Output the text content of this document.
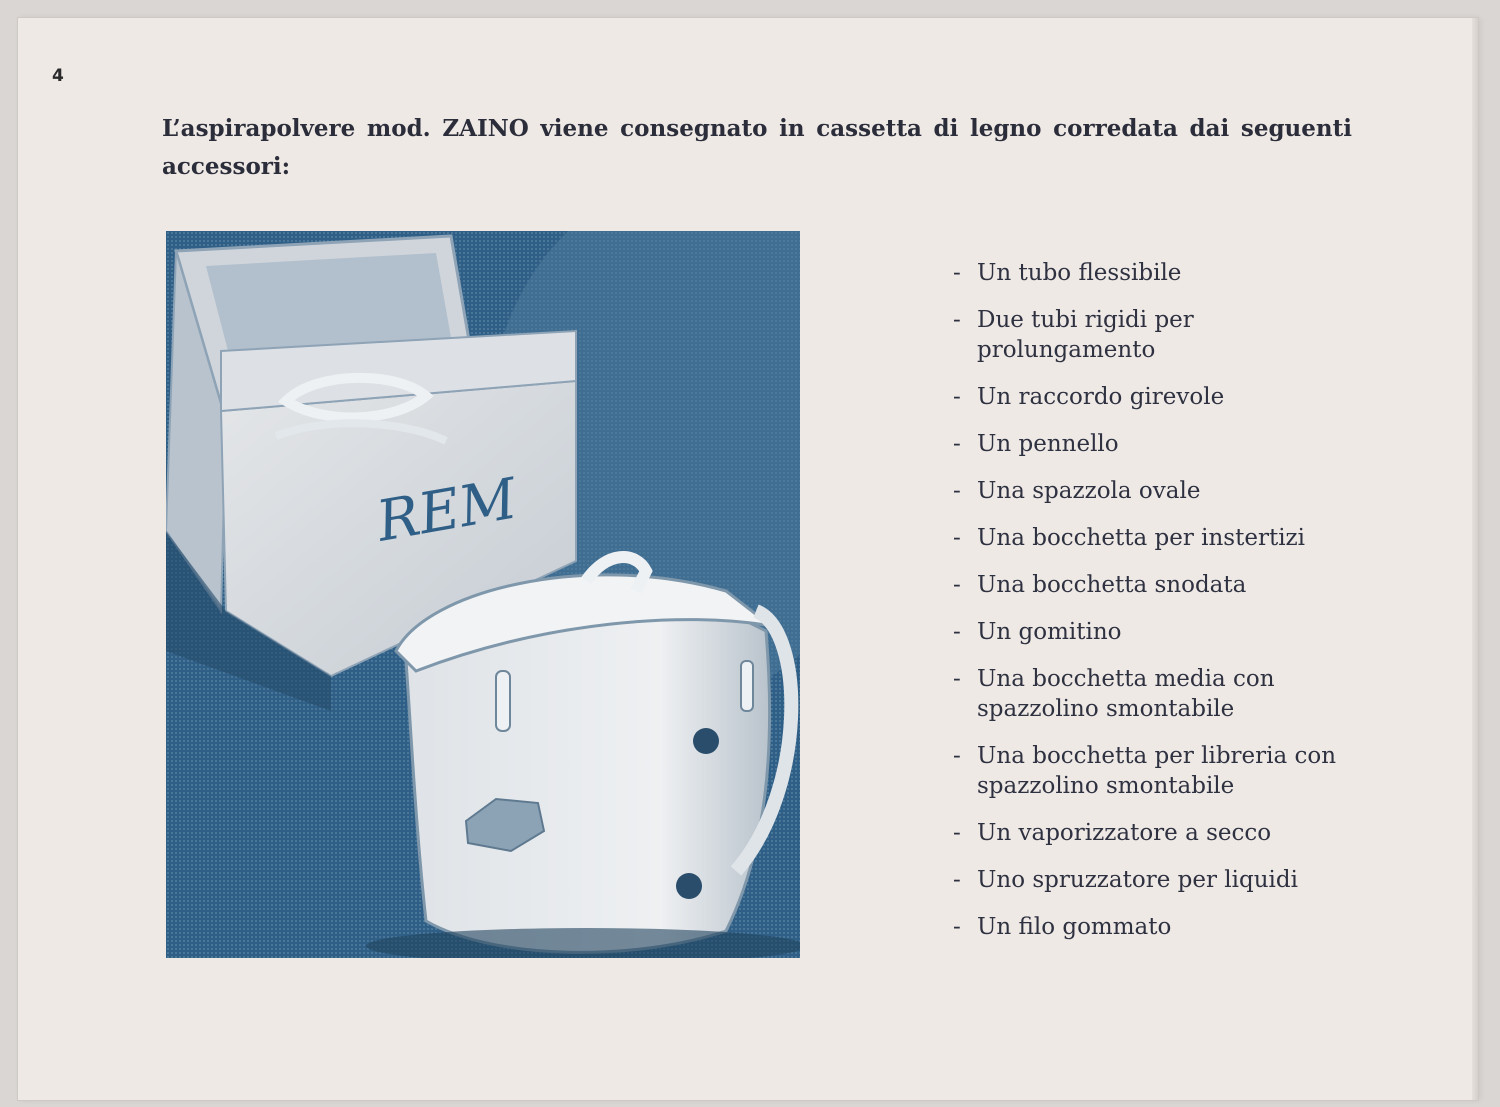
4

L’aspirapolvere mod. ZAINO viene consegnato in cassetta di legno corredata dai seguenti accessori:

REM
- Un tubo flessibile
- Due tubi rigidi per prolungamento
- Un raccordo girevole
- Un pennello
- Una spazzola ovale
- Una bocchetta per instertizi
- Una bocchetta snodata
- Un gomitino
- Una bocchetta media con spazzolino smontabile
- Una bocchetta per libreria con spazzolino smontabile
- Un vaporizzatore a secco
- Uno spruzzatore per liquidi
- Un filo gommato
